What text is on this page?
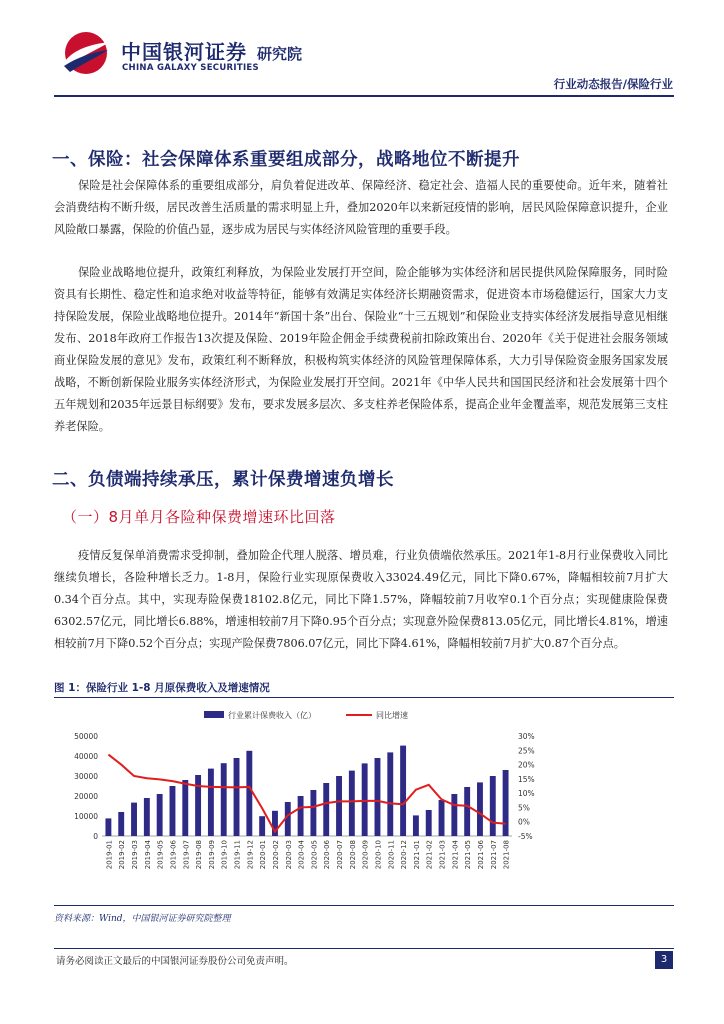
中国银河证券
CHINA GALAXY SECURITIES
研究院
行业动态报告/保险行业
一、保险：社会保障体系重要组成部分，战略地位不断提升
保险是社会保障体系的重要组成部分，肩负着促进改革、保障经济、稳定社会、造福人民的重要使命。近年来，随着社会消费结构不断升级，居民改善生活质量的需求明显上升，叠加2020年以来新冠疫情的影响，居民风险保障意识提升，企业风险敞口暴露，保险的价值凸显，逐步成为居民与实体经济风险管理的重要手段。
保险业战略地位提升，政策红利释放，为保险业发展打开空间，险企能够为实体经济和居民提供风险保障服务，同时险资具有长期性、稳定性和追求绝对收益等特征，能够有效满足实体经济长期融资需求，促进资本市场稳健运行，国家大力支持保险发展，保险业战略地位提升。2014年“新国十条”出台、保险业“十三五规划”和保险业支持实体经济发展指导意见相继发布、2018年政府工作报告13次提及保险、2019年险企佣金手续费税前扣除政策出台、2020年《关于促进社会服务领域商业保险发展的意见》发布，政策红利不断释放，积极构筑实体经济的风险管理保障体系，大力引导保险资金服务国家发展战略，不断创新保险业服务实体经济形式，为保险业发展打开空间。2021年《中华人民共和国国民经济和社会发展第十四个五年规划和2035年远景目标纲要》发布，要求发展多层次、多支柱养老保险体系，提高企业年金覆盖率，规范发展第三支柱养老保险。
二、负债端持续承压，累计保费增速负增长
（一）8月单月各险种保费增速环比回落
疫情反复保单消费需求受抑制，叠加险企代理人脱落、增员难，行业负债端依然承压。2021年1-8月行业保费收入同比继续负增长，各险种增长乏力。1-8月，保险行业实现原保费收入33024.49亿元，同比下降0.67%，降幅相较前7月扩大0.34个百分点。其中，实现寿险保费18102.8亿元，同比下降1.57%，降幅较前7月收窄0.1个百分点；实现健康险保费6302.57亿元，同比增长6.88%，增速相较前7月下降0.95个百分点；实现意外险保费813.05亿元，同比增长4.81%，增速相较前7月下降0.52个百分点；实现产险保费7806.07亿元，同比下降4.61%，降幅相较前7月扩大0.87个百分点。
图 1：保险行业 1-8 月原保费收入及增速情况
行业累计保费收入（亿）	同比增速
0
10000
20000
30000
40000
50000
-5%
0%
5%
10%
15%
20%
25%
30%
2019-01 2019-02 2019-03 2019-04 2019-05 2019-06 2019-07 2019-08 2019-09 2019-10 2019-11 2019-12 2020-01 2020-02 2020-03 2020-04 2020-05 2020-06 2020-07 2020-08 2020-09 2020-10 2020-11 2020-12 2021-01 2021-02 2021-03 2021-04 2021-05 2021-06 2021-07 2021-08
资料来源：Wind，中国银河证券研究院整理
请务必阅读正文最后的中国银河证券股份公司免责声明。	3
